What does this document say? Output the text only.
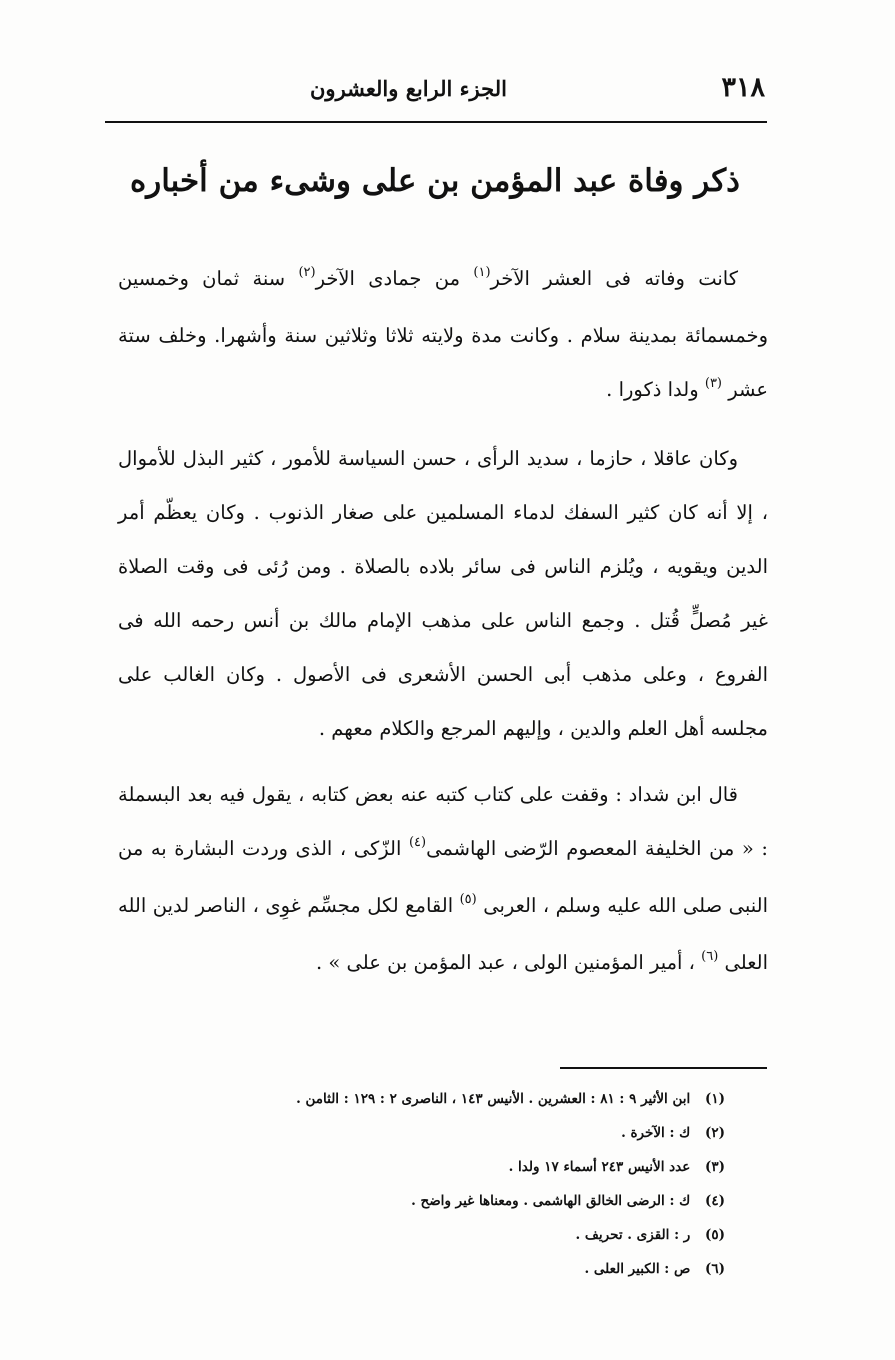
٣١٨
الجزء الرابع والعشرون
ذكر وفاة عبد المؤمن بن على وشىء من أخباره

كانت وفاته فى العشر الآخر$^{(١)}$ من جمادى الآخر$^{(٢)}$ سنة ثمان وخمسين وخمسمائة بمدينة سلام . وكانت مدة ولايته ثلاثا وثلاثين سنة وأشهرا. وخلف ستة عشر $^{(٣)}$ ولدا ذكورا .

وكان عاقلا ، حازما ، سديد الرأى ، حسن السياسة للأمور ، كثير البذل للأموال ، إلا أنه كان كثير السفك لدماء المسلمين على صغار الذنوب . وكان يعظّم أمر الدين ويقويه ، ويُلزم الناس فى سائر بلاده بالصلاة . ومن رُئى فى وقت الصلاة غير مُصلٍّ قُتل . وجمع الناس على مذهب الإمام مالك بن أنس رحمه الله فى الفروع ، وعلى مذهب أبى الحسن الأشعرى فى الأصول . وكان الغالب على مجلسه أهل العلم والدين ، وإليهم المرجع والكلام معهم .

قال ابن شداد : وقفت على كتاب كتبه عنه بعض كتابه ، يقول فيه بعد البسملة : « من الخليفة المعصوم الرّضى الهاشمى$^{(٤)}$ الزّكى ، الذى وردت البشارة به من النبى صلى الله عليه وسلم ، العربى $^{(٥)}$ القامع لكل مجسِّم غوِى ، الناصر لدين الله العلى $^{(٦)}$ ، أمير المؤمنين الولى ، عبد المؤمن بن على » .

(١) ابن الأثير ٩ : ٨١ : العشرين . الأنيس ١٤٣ ، الناصرى ٢ : ١٢٩ : الثامن .
(٢) ك : الآخرة .
(٣) عدد الأنيس ٢٤٣ أسماء ١٧ ولدا .
(٤) ك : الرضى الخالق الهاشمى . ومعناها غير واضح .
(٥) ر : القزى . تحريف .
(٦) ص : الكبير العلى .
